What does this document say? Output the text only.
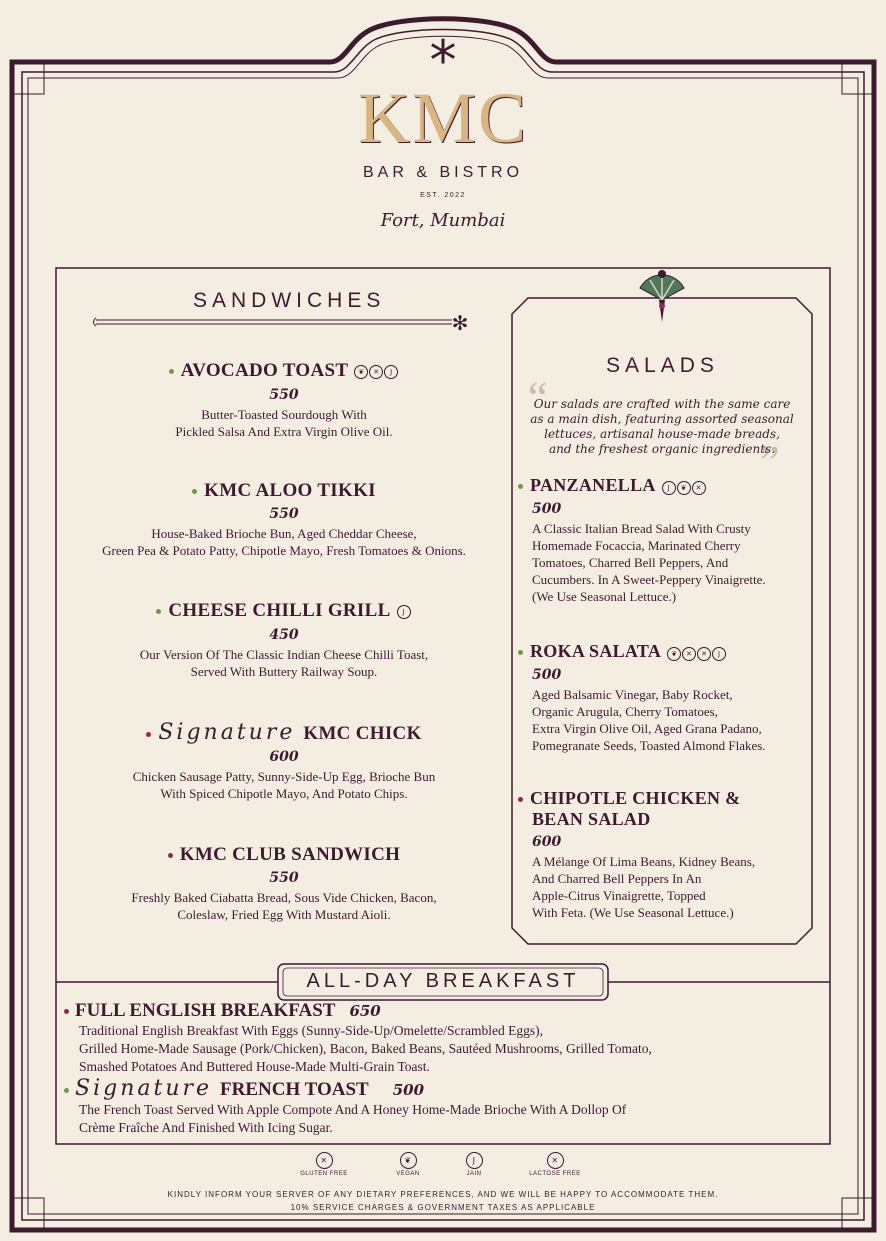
✻
*
KMC
BAR & BISTRO
EST. 2022
Fort, Mumbai
SANDWICHES
AVOCADO TOAST ❦ ✕ J
550
Butter-Toasted Sourdough With
Pickled Salsa And Extra Virgin Olive Oil.
KMC ALOO TIKKI
550
House-Baked Brioche Bun, Aged Cheddar Cheese,
Green Pea & Potato Patty, Chipotle Mayo, Fresh Tomatoes & Onions.
CHEESE CHILLI GRILL J
450
Our Version Of The Classic Indian Cheese Chilli Toast,
Served With Buttery Railway Soup.
Signature KMC CHICK
600
Chicken Sausage Patty, Sunny-Side-Up Egg, Brioche Bun
With Spiced Chipotle Mayo, And Potato Chips.
KMC CLUB SANDWICH
550
Freshly Baked Ciabatta Bread, Sous Vide Chicken, Bacon,
Coleslaw, Fried Egg With Mustard Aioli.
SALADS
“
”
Our salads are crafted with the same care
as a main dish, featuring assorted seasonal
lettuces, artisanal house-made breads,
and the freshest organic ingredients.
PANZANELLA J ❦ ✕
500
A Classic Italian Bread Salad With Crusty
Homemade Focaccia, Marinated Cherry
Tomatoes, Charred Bell Peppers, And
Cucumbers. In A Sweet-Peppery Vinaigrette.
(We Use Seasonal Lettuce.)
ROKA SALATA ❦ ✕ ✕ J
500
Aged Balsamic Vinegar, Baby Rocket,
Organic Arugula, Cherry Tomatoes,
Extra Virgin Olive Oil, Aged Grana Padano,
Pomegranate Seeds, Toasted Almond Flakes.
CHIPOTLE CHICKEN &
BEAN SALAD
600
A Mélange Of Lima Beans, Kidney Beans,
And Charred Bell Peppers In An
Apple-Citrus Vinaigrette, Topped
With Feta. (We Use Seasonal Lettuce.)
ALL-DAY BREAKFAST
FULL ENGLISH BREAKFAST 650
Traditional English Breakfast With Eggs (Sunny-Side-Up/Omelette/Scrambled Eggs),
Grilled Home-Made Sausage (Pork/Chicken), Bacon, Baked Beans, Sautéed Mushrooms, Grilled Tomato,
Smashed Potatoes And Buttered House-Made Multi-Grain Toast.
Signature FRENCH TOAST 500
The French Toast Served With Apple Compote And A Honey Home-Made Brioche With A Dollop Of
Crème Fraîche And Finished With Icing Sugar.
✕
GLUTEN FREE
❦
VEGAN
J
JAIN
✕
LACTOSE FREE
KINDLY INFORM YOUR SERVER OF ANY DIETARY PREFERENCES, AND WE WILL BE HAPPY TO ACCOMMODATE THEM.
10% SERVICE CHARGES & GOVERNMENT TAXES AS APPLICABLE
